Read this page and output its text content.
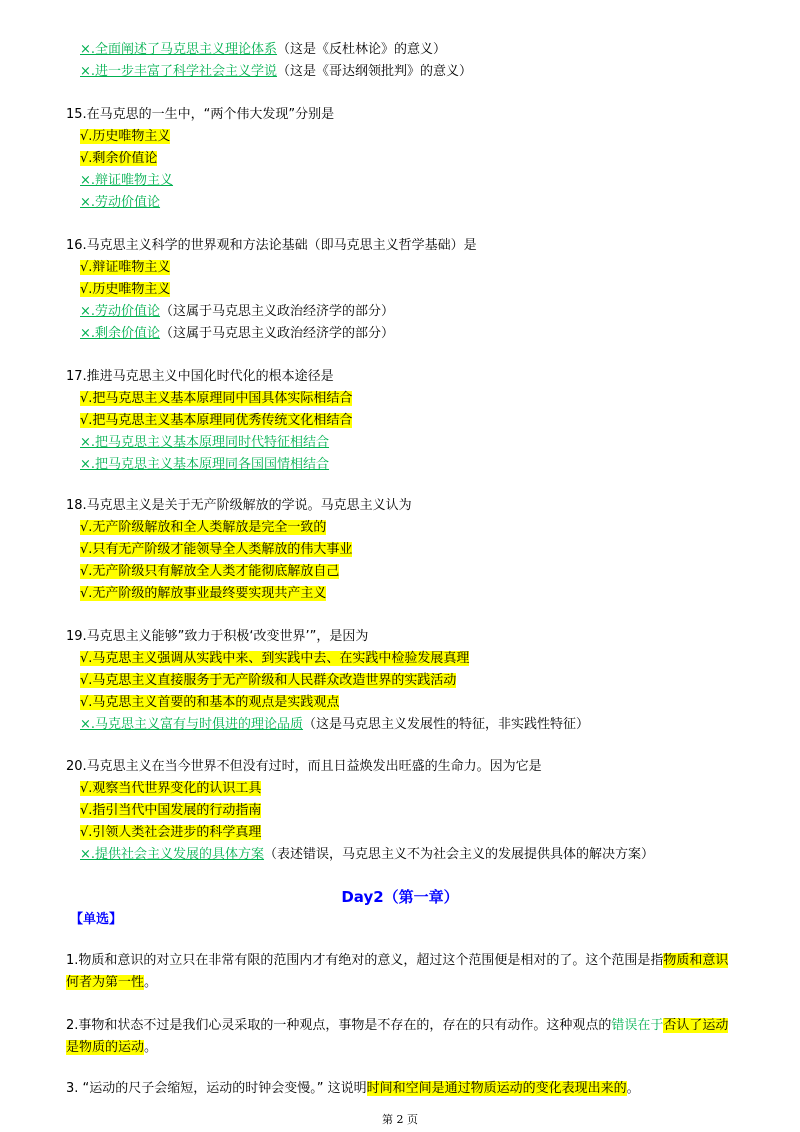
×.全面阐述了马克思主义理论体系（这是《反杜林论》的意义）
×.进一步丰富了科学社会主义学说（这是《哥达纲领批判》的意义）
15.在马克思的一生中，“两个伟大发现”分别是
√.历史唯物主义
√.剩余价值论
×.辩证唯物主义
×.劳动价值论
16.马克思主义科学的世界观和方法论基础（即马克思主义哲学基础）是
√.辩证唯物主义
√.历史唯物主义
×.劳动价值论（这属于马克思主义政治经济学的部分）
×.剩余价值论（这属于马克思主义政治经济学的部分）
17.推进马克思主义中国化时代化的根本途径是
√.把马克思主义基本原理同中国具体实际相结合
√.把马克思主义基本原理同优秀传统文化相结合
×.把马克思主义基本原理同时代特征相结合
×.把马克思主义基本原理同各国国情相结合
18.马克思主义是关于无产阶级解放的学说。马克思主义认为
√.无产阶级解放和全人类解放是完全一致的
√.只有无产阶级才能领导全人类解放的伟大事业
√.无产阶级只有解放全人类才能彻底解放自己
√.无产阶级的解放事业最终要实现共产主义
19.马克思主义能够”致力于积极‘改变世界’”，是因为
√.马克思主义强调从实践中来、到实践中去、在实践中检验发展真理
√.马克思主义直接服务于无产阶级和人民群众改造世界的实践活动
√.马克思主义首要的和基本的观点是实践观点
×.马克思主义富有与时俱进的理论品质（这是马克思主义发展性的特征，非实践性特征）
20.马克思主义在当今世界不但没有过时，而且日益焕发出旺盛的生命力。因为它是
√.观察当代世界变化的认识工具
√.指引当代中国发展的行动指南
√.引领人类社会进步的科学真理
×.提供社会主义发展的具体方案（表述错误，马克思主义不为社会主义的发展提供具体的解决方案）
Day2（第一章）
【单选】
1.物质和意识的对立只在非常有限的范围内才有绝对的意义，超过这个范围便是相对的了。这个范围是指物质和意识何者为第一性。
2.事物和状态不过是我们心灵采取的一种观点，事物是不存在的，存在的只有动作。这种观点的错误在于否认了运动是物质的运动。
3. “运动的尺子会缩短，运动的时钟会变慢。” 这说明时间和空间是通过物质运动的变化表现出来的。
第 2 页
